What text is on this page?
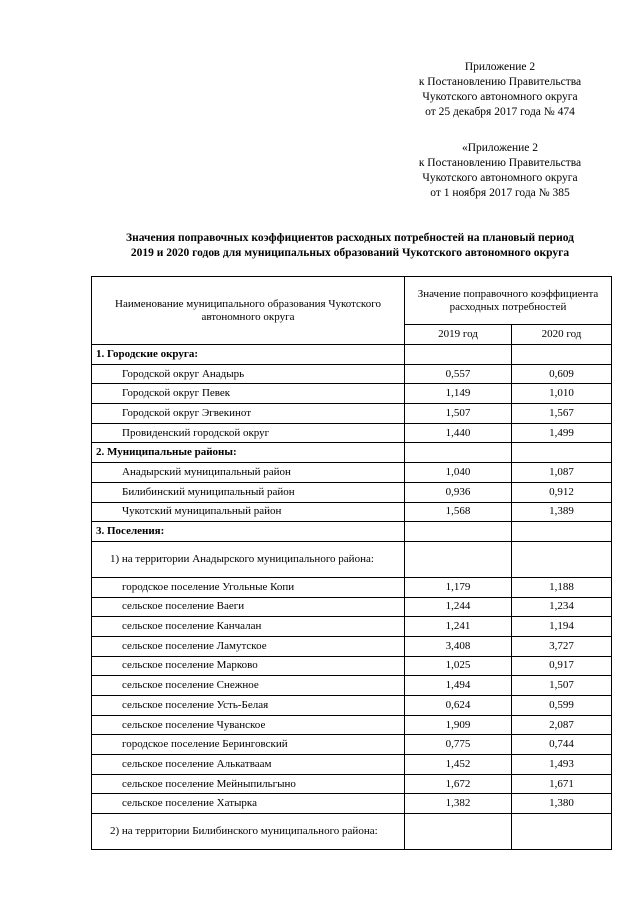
Приложение 2
к Постановлению Правительства
Чукотского автономного округа
от 25 декабря 2017 года № 474
«Приложение 2
к Постановлению Правительства
Чукотского автономного округа
от 1 ноября 2017 года № 385
Значения поправочных коэффициентов расходных потребностей на плановый период
2019 и 2020 годов для муниципальных образований Чукотского автономного округа
Наименование муниципального образования Чукотского автономного округа	Значение поправочного коэффициента расходных потребностей	
	2019 год	2020 год
1. Городские округа:		
Городской округ Анадырь	0,557	0,609
Городской округ Певек	1,149	1,010
Городской округ Эгвекинот	1,507	1,567
Провиденский городской округ	1,440	1,499
2. Муниципальные районы:		
Анадырский муниципальный район	1,040	1,087
Билибинский муниципальный район	0,936	0,912
Чукотский муниципальный район	1,568	1,389
3. Поселения:		
1) на территории Анадырского муниципального района:		
городское поселение Угольные Копи	1,179	1,188
сельское поселение Ваеги	1,244	1,234
сельское поселение Канчалан	1,241	1,194
сельское поселение Ламутское	3,408	3,727
сельское поселение Марково	1,025	0,917
сельское поселение Снежное	1,494	1,507
сельское поселение Усть-Белая	0,624	0,599
сельское поселение Чуванское	1,909	2,087
городское поселение Беринговский	0,775	0,744
сельское поселение Алькатваам	1,452	1,493
сельское поселение Мейныпильгыно	1,672	1,671
сельское поселение Хатырка	1,382	1,380
2) на территории Билибинского муниципального района:		
